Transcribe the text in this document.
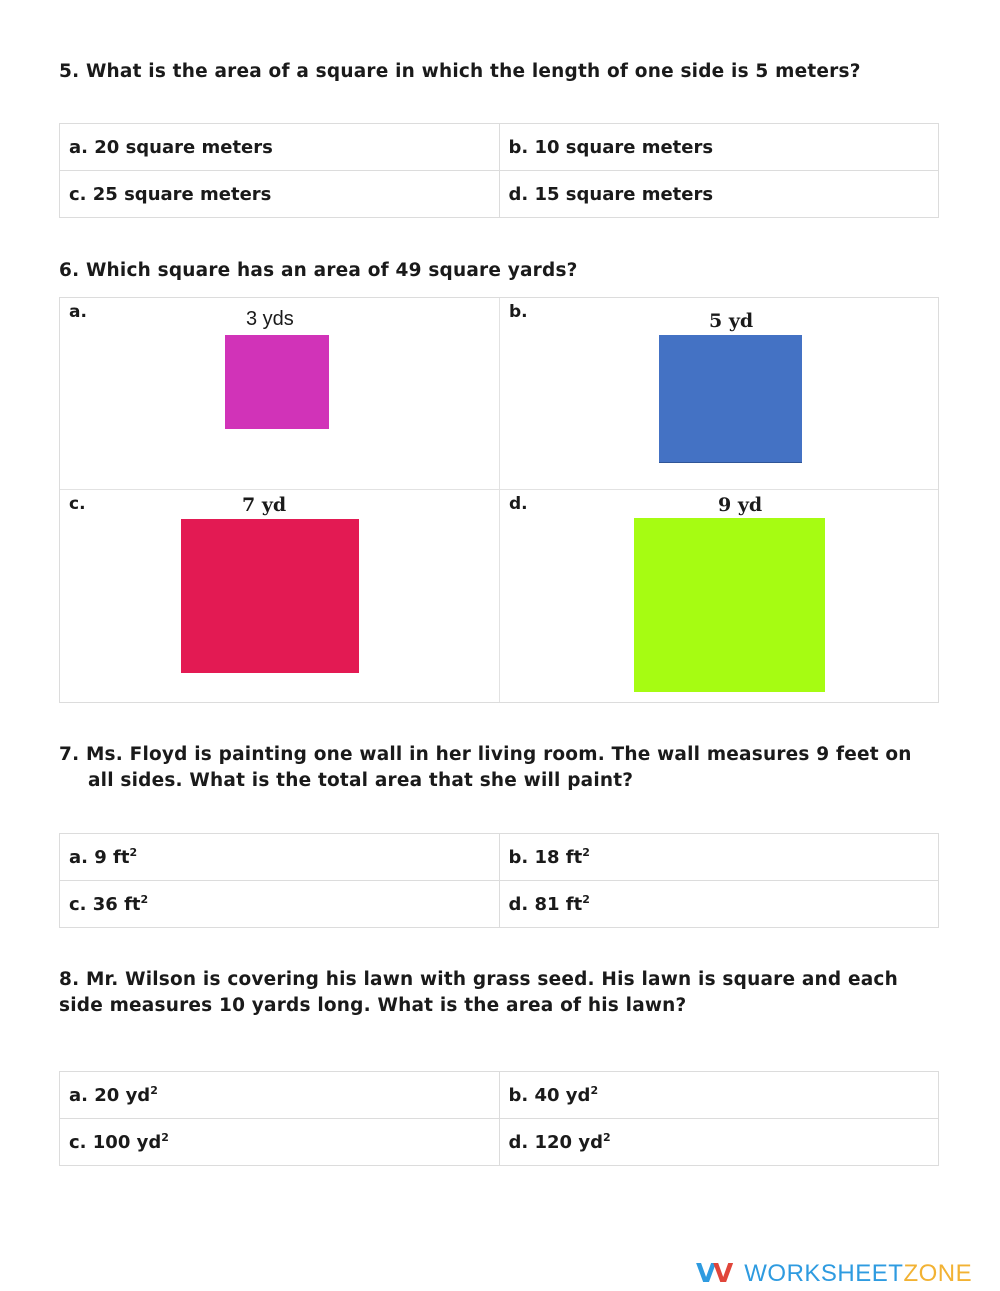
5. What is the area of a square in which the length of one side is 5 meters?
a. 20 square meters	b. 10 square meters
c. 25 square meters	d. 15 square meters
6. Which square has an area of 49 square yards?
a.	3 yds	b.	5 yd
c.	7 yd	d.	9 yd
7. Ms. Floyd is painting one wall in her living room. The wall measures 9 feet on
all sides. What is the total area that she will paint?
a. 9 $ft^2$	b. 18 $ft^2$
c. 36 $ft^2$	d. 81 $ft^2$
8. Mr. Wilson is covering his lawn with grass seed. His lawn is square and each
side measures 10 yards long. What is the area of his lawn?
a. 20 $yd^2$	b. 40 $yd^2$
c. 100 $yd^2$	d. 120 $yd^2$
VV WORKSHEET ZONE
